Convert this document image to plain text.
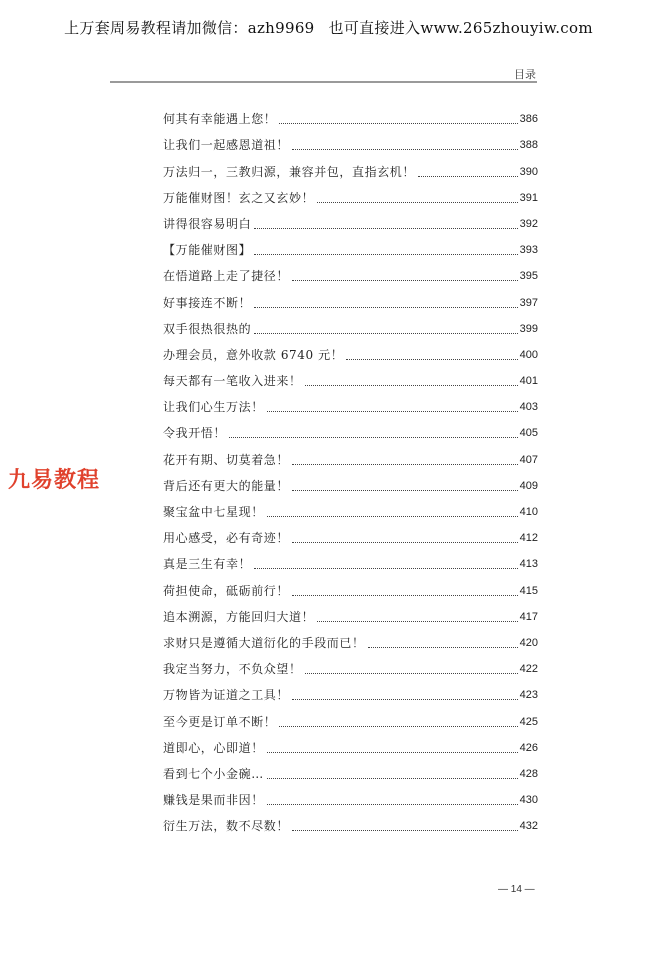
上万套周易教程请加微信：azh9969 也可直接进入www.265zhouyiw.com
目录
何其有幸能遇上您！	386
让我们一起感恩道祖！	388
万法归一，三教归源，兼容并包，直指玄机！	390
万能催财图！玄之又玄妙！	391
讲得很容易明白	392
【万能催财图】	393
在悟道路上走了捷径！	395
好事接连不断！	397
双手很热很热的	399
办理会员，意外收款 6740 元！	400
每天都有一笔收入进来！	401
让我们心生万法！	403
令我开悟！	405
花开有期、切莫着急！	407
背后还有更大的能量！	409
聚宝盆中七星现！	410
用心感受，必有奇迹！	412
真是三生有幸！	413
荷担使命，砥砺前行！	415
追本溯源，方能回归大道！	417
求财只是遵循大道衍化的手段而已！	420
我定当努力，不负众望！	422
万物皆为证道之工具！	423
至今更是订单不断！	425
道即心，心即道！	426
看到七个小金碗…	428
赚钱是果而非因！	430
衍生万法，数不尽数！	432
九易教程
— 14 —
